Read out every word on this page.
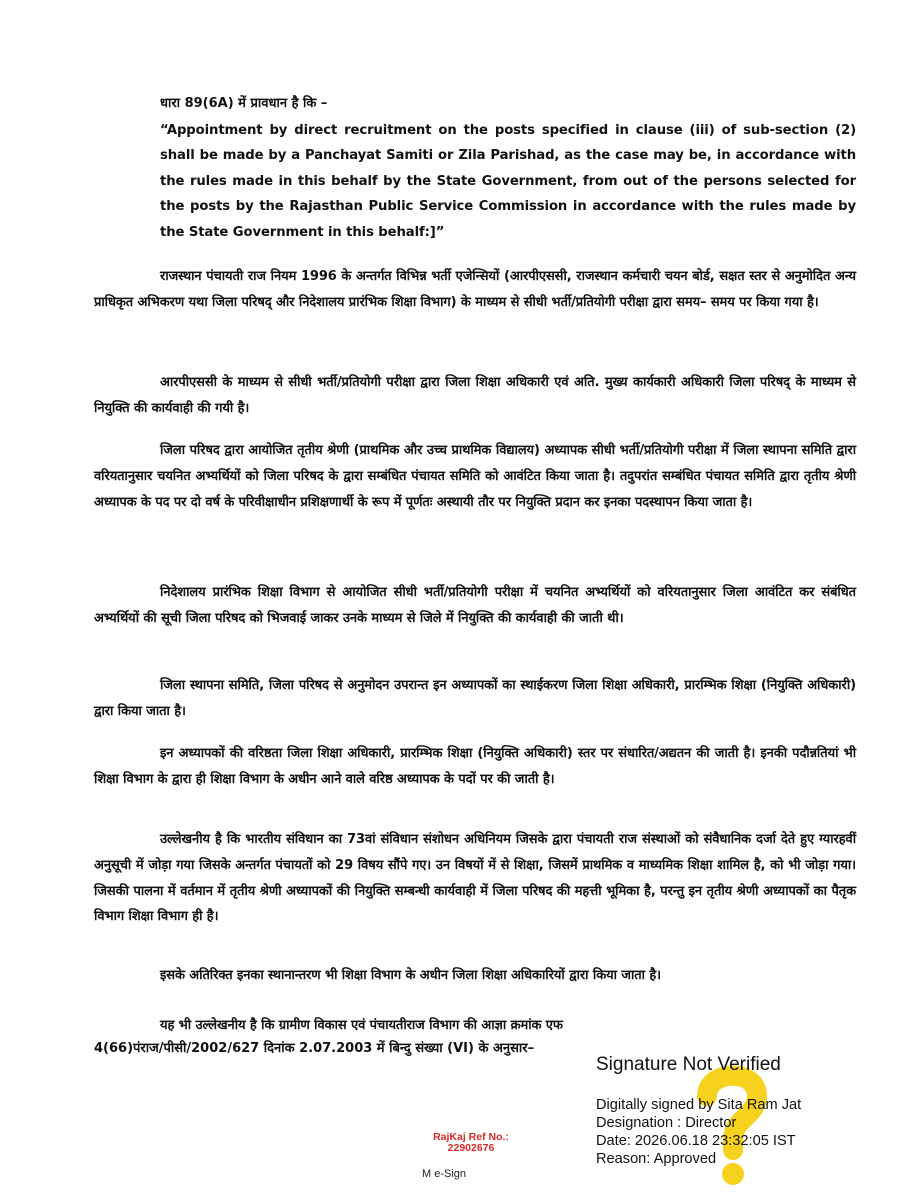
धारा 89(6A) में प्रावधान है कि –
“Appointment by direct recruitment on the posts specified in clause (iii) of sub-section (2) shall be made by a Panchayat Samiti or Zila Parishad, as the case may be, in accordance with the rules made in this behalf by the State Government, from out of the persons selected for the posts by the Rajasthan Public Service Commission in accordance with the rules made by the State Government in this behalf:]”
राजस्थान पंचायती राज नियम 1996 के अन्तर्गत विभिन्न भर्ती एजेन्सियों (आरपीएससी, राजस्थान कर्मचारी चयन बोर्ड, सक्षत स्तर से अनुमोदित अन्य प्राधिकृत अभिकरण यथा जिला परिषद् और निदेशालय प्रारंभिक शिक्षा विभाग) के माध्यम से सीधी भर्ती/प्रतियोगी परीक्षा द्वारा समय– समय पर किया गया है।
आरपीएससी के माध्यम से सीधी भर्ती/प्रतियोगी परीक्षा द्वारा जिला शिक्षा अधिकारी एवं अति. मुख्य कार्यकारी अधिकारी जिला परिषद् के माध्यम से नियुक्ति की कार्यवाही की गयी है।
जिला परिषद द्वारा आयोजित तृतीय श्रेणी (प्राथमिक और उच्च प्राथमिक विद्यालय) अध्यापक सीधी भर्ती/प्रतियोगी परीक्षा में जिला स्थापना समिति द्वारा वरियतानुसार चयनित अभ्यर्थियों को जिला परिषद के द्वारा सम्बंधित पंचायत समिति को आवंटित किया जाता है। तदुपरांत सम्बंधित पंचायत समिति द्वारा तृतीय श्रेणी अध्यापक के पद पर दो वर्ष के परिवीक्षाधीन प्रशिक्षणार्थी के रूप में पूर्णतः अस्थायी तौर पर नियुक्ति प्रदान कर इनका पदस्थापन किया जाता है।
निदेशालय प्रारंभिक शिक्षा विभाग से आयोजित सीधी भर्ती/प्रतियोगी परीक्षा में चयनित अभ्यर्थियों को वरियतानुसार जिला आवंटित कर संबंधित अभ्यर्थियों की सूची जिला परिषद को भिजवाई जाकर उनके माध्यम से जिले में नियुक्ति की कार्यवाही की जाती थी।
जिला स्थापना समिति, जिला परिषद से अनुमोदन उपरान्त इन अध्यापकों का स्थाईकरण जिला शिक्षा अधिकारी, प्रारम्भिक शिक्षा (नियुक्ति अधिकारी) द्वारा किया जाता है।
इन अध्यापकों की वरिष्ठता जिला शिक्षा अधिकारी, प्रारम्भिक शिक्षा (नियुक्ति अधिकारी) स्तर पर संधारित/अद्यतन की जाती है। इनकी पदौन्नतियां भी शिक्षा विभाग के द्वारा ही शिक्षा विभाग के अधीन आने वाले वरिष्ठ अध्यापक के पदों पर की जाती है।
उल्लेखनीय है कि भारतीय संविधान का 73वां संविधान संशोधन अधिनियम जिसके द्वारा पंचायती राज संस्थाओं को संवैधानिक दर्जा देते हुए ग्यारहवीं अनुसूची में जोड़ा गया जिसके अन्तर्गत पंचायतों को 29 विषय सौंपे गए। उन विषयों में से शिक्षा, जिसमें प्राथमिक व माध्यमिक शिक्षा शामिल है, को भी जोड़ा गया। जिसकी पालना में वर्तमान में तृतीय श्रेणी अध्यापकों की नियुक्ति सम्बन्धी कार्यवाही में जिला परिषद की महत्ती भूमिका है, परन्तु इन तृतीय श्रेणी अध्यापकों का पैतृक विभाग शिक्षा विभाग ही है।
इसके अतिरिक्त इनका स्थानान्तरण भी शिक्षा विभाग के अधीन जिला शिक्षा अधिकारियों द्वारा किया जाता है।
यह भी उल्लेखनीय है कि ग्रामीण विकास एवं पंचायतीराज विभाग की आज्ञा क्रमांक एफ
4(66)पंराज/पीसी/2002/627 दिनांक 2.07.2003 में बिन्दु संख्या (VI) के अनुसार–
Signature Not Verified
Digitally signed by Sita Ram Jat
Designation : Director
Date: 2026.06.18 23:32:05 IST
Reason: Approved
RajKaj Ref No.:
22902676
M e-Sign
